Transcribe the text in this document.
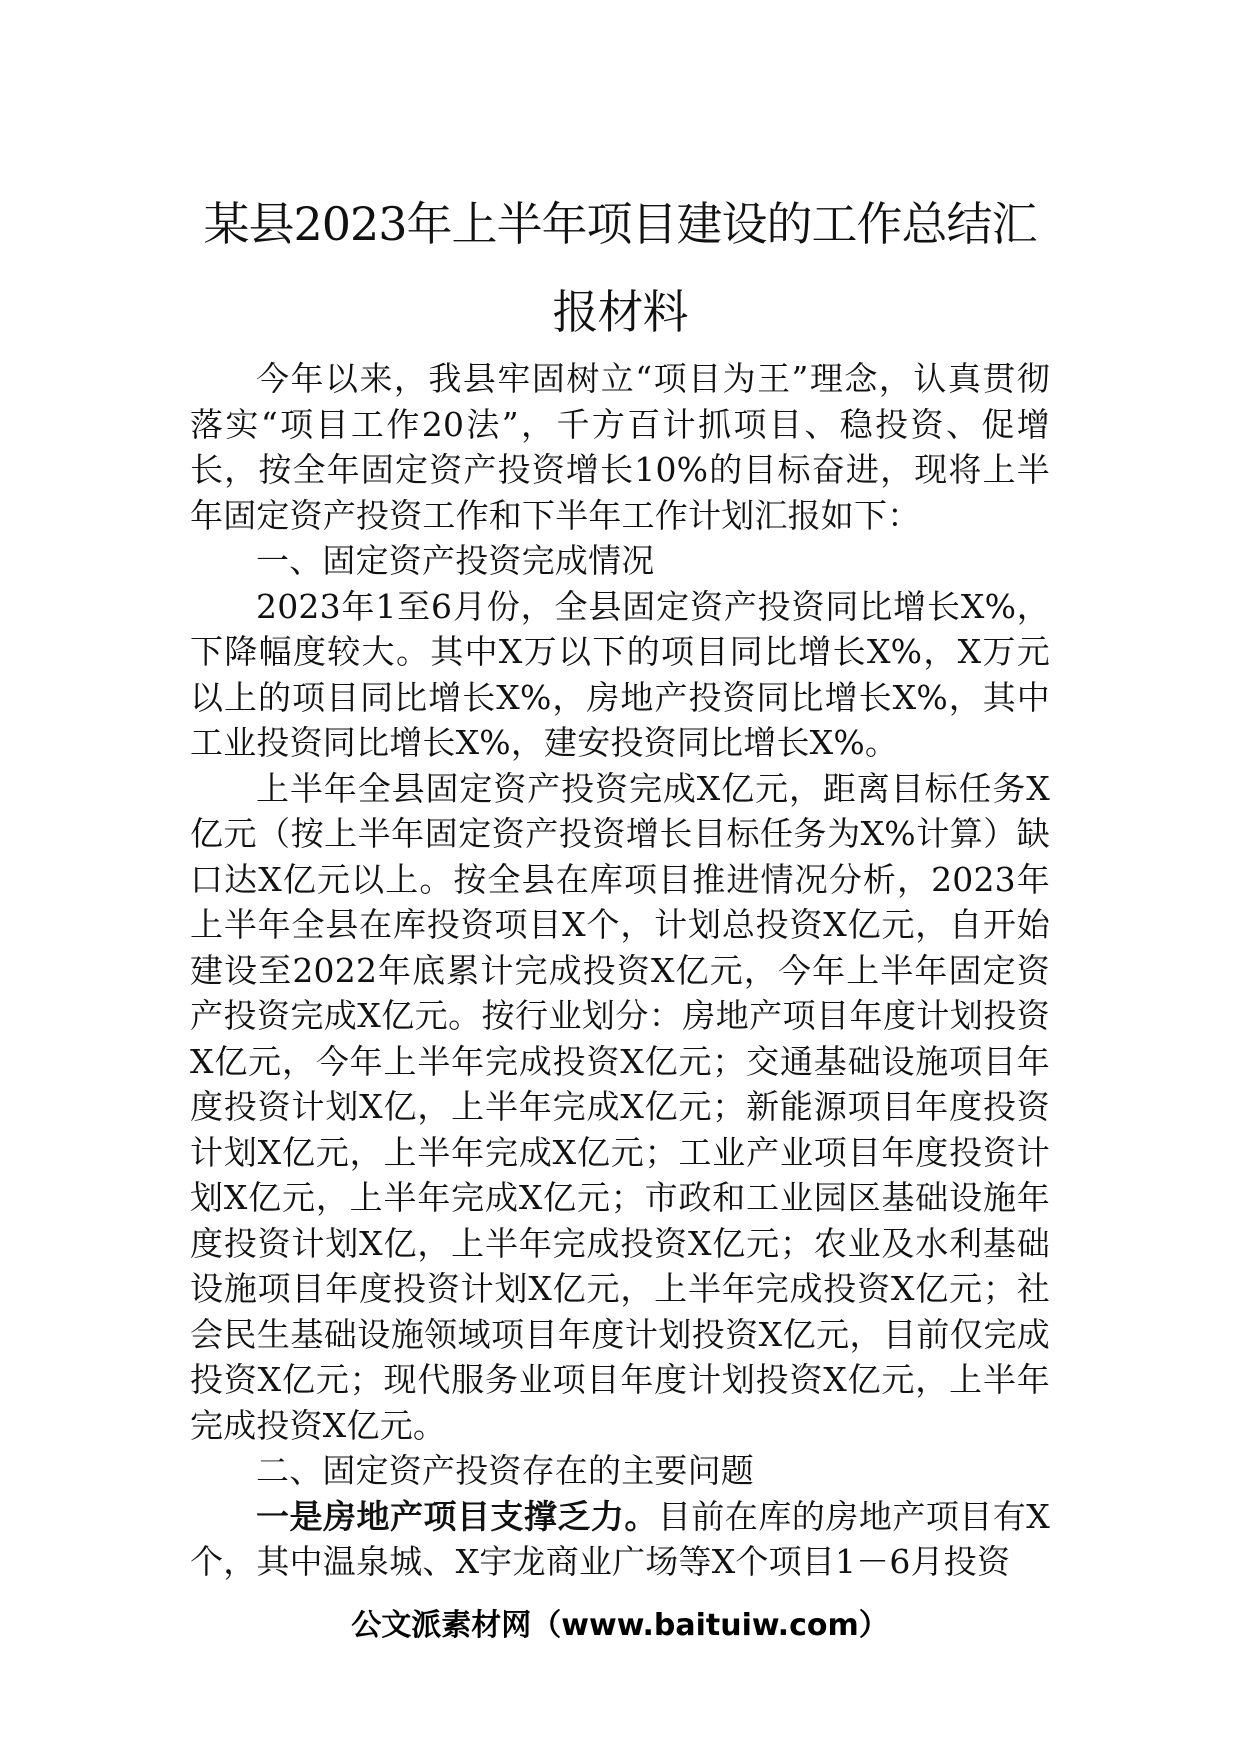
某县2023年上半年项目建设的工作总结汇
报材料

今年以来，我县牢固树立“项目为王”理念，认真贯彻落实“项目工作20法”，千方百计抓项目、稳投资、促增长，按全年固定资产投资增长10%的目标奋进，现将上半年固定资产投资工作和下半年工作计划汇报如下：

一、固定资产投资完成情况

2023年1至6月份，全县固定资产投资同比增长X%，下降幅度较大。其中X万以下的项目同比增长X%，X万元以上的项目同比增长X%，房地产投资同比增长X%，其中工业投资同比增长X%，建安投资同比增长X%。

上半年全县固定资产投资完成X亿元，距离目标任务X亿元（按上半年固定资产投资增长目标任务为X%计算）缺口达X亿元以上。按全县在库项目推进情况分析，2023年上半年全县在库投资项目X个，计划总投资X亿元，自开始建设至2022年底累计完成投资X亿元，今年上半年固定资产投资完成X亿元。按行业划分：房地产项目年度计划投资X亿元，今年上半年完成投资X亿元；交通基础设施项目年度投资计划X亿，上半年完成X亿元；新能源项目年度投资计划X亿元，上半年完成X亿元；工业产业项目年度投资计划X亿元，上半年完成X亿元；市政和工业园区基础设施年度投资计划X亿，上半年完成投资X亿元；农业及水利基础设施项目年度投资计划X亿元，上半年完成投资X亿元；社会民生基础设施领域项目年度计划投资X亿元，目前仅完成投资X亿元；现代服务业项目年度计划投资X亿元，上半年完成投资X亿元。

二、固定资产投资存在的主要问题

一是房地产项目支撑乏力。目前在库的房地产项目有X个，其中温泉城、X宇龙商业广场等X个项目1－6月投资

公文派素材网（www.baituiw.com）
